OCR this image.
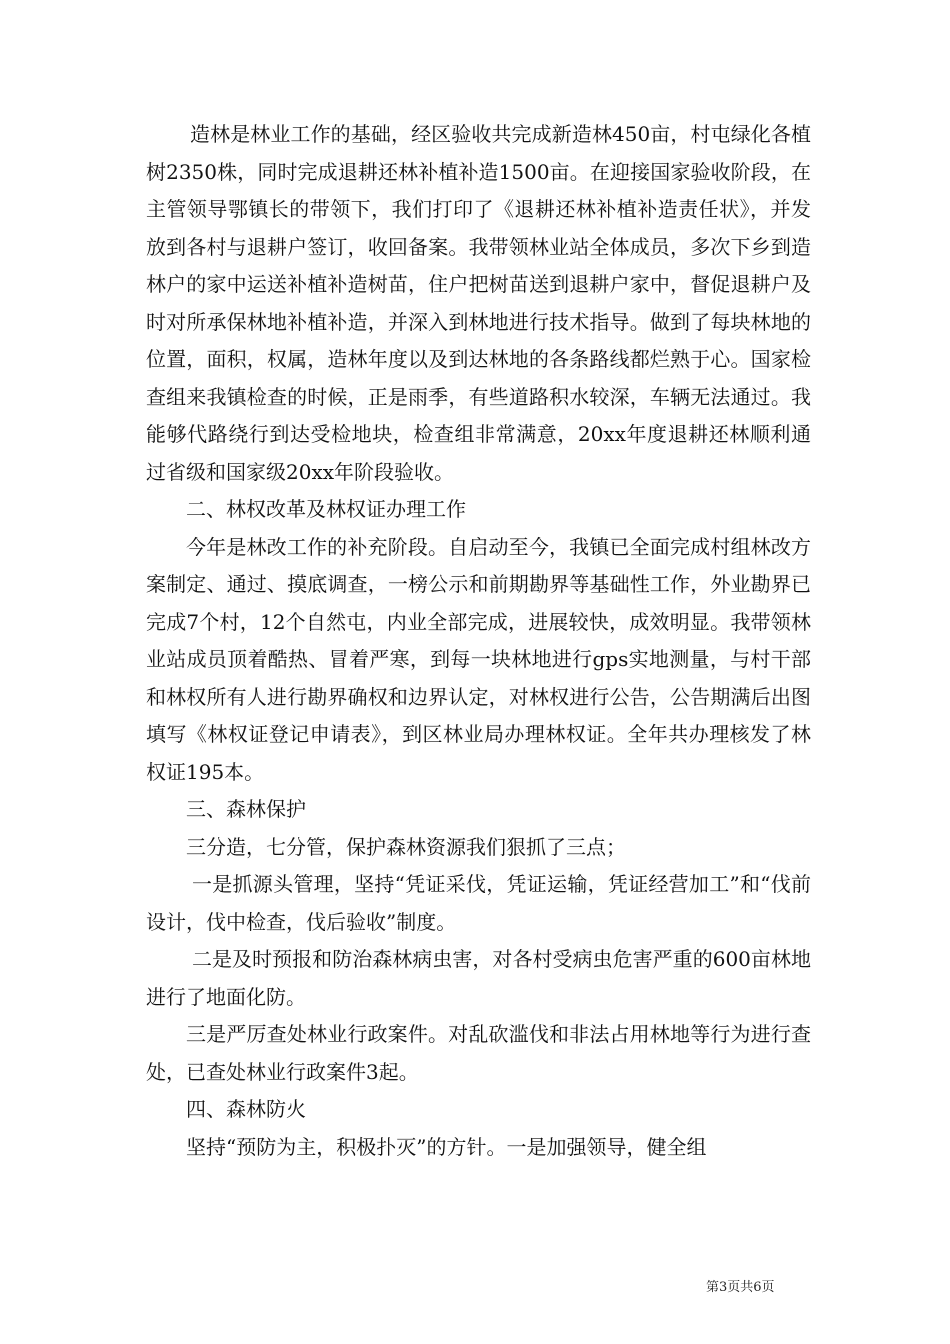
造林是林业工作的基础，经区验收共完成新造林450亩，村屯绿化各植树2350株，同时完成退耕还林补植补造1500亩。在迎接国家验收阶段，在主管领导鄂镇长的带领下，我们打印了《退耕还林补植补造责任状》，并发放到各村与退耕户签订，收回备案。我带领林业站全体成员，多次下乡到造林户的家中运送补植补造树苗，住户把树苗送到退耕户家中，督促退耕户及时对所承保林地补植补造，并深入到林地进行技术指导。做到了每块林地的位置，面积，权属，造林年度以及到达林地的各条路线都烂熟于心。国家检查组来我镇检查的时候，正是雨季，有些道路积水较深，车辆无法通过。我能够代路绕行到达受检地块，检查组非常满意，20xx年度退耕还林顺利通过省级和国家级20xx年阶段验收。

二、林权改革及林权证办理工作

今年是林改工作的补充阶段。自启动至今，我镇已全面完成村组林改方案制定、通过、摸底调查，一榜公示和前期勘界等基础性工作，外业勘界已完成7个村，12个自然屯，内业全部完成，进展较快，成效明显。我带领林业站成员顶着酷热、冒着严寒，到每一块林地进行gps实地测量，与村干部和林权所有人进行勘界确权和边界认定，对林权进行公告，公告期满后出图填写《林权证登记申请表》，到区林业局办理林权证。全年共办理核发了林权证195本。

三、森林保护

三分造，七分管，保护森林资源我们狠抓了三点；

一是抓源头管理，坚持“凭证采伐，凭证运输，凭证经营加工”和“伐前设计，伐中检查，伐后验收”制度。

二是及时预报和防治森林病虫害，对各村受病虫危害严重的600亩林地进行了地面化防。

三是严厉查处林业行政案件。对乱砍滥伐和非法占用林地等行为进行查处，已查处林业行政案件3起。

四、森林防火

坚持“预防为主，积极扑灭”的方针。一是加强领导，健全组

第3页共6页
